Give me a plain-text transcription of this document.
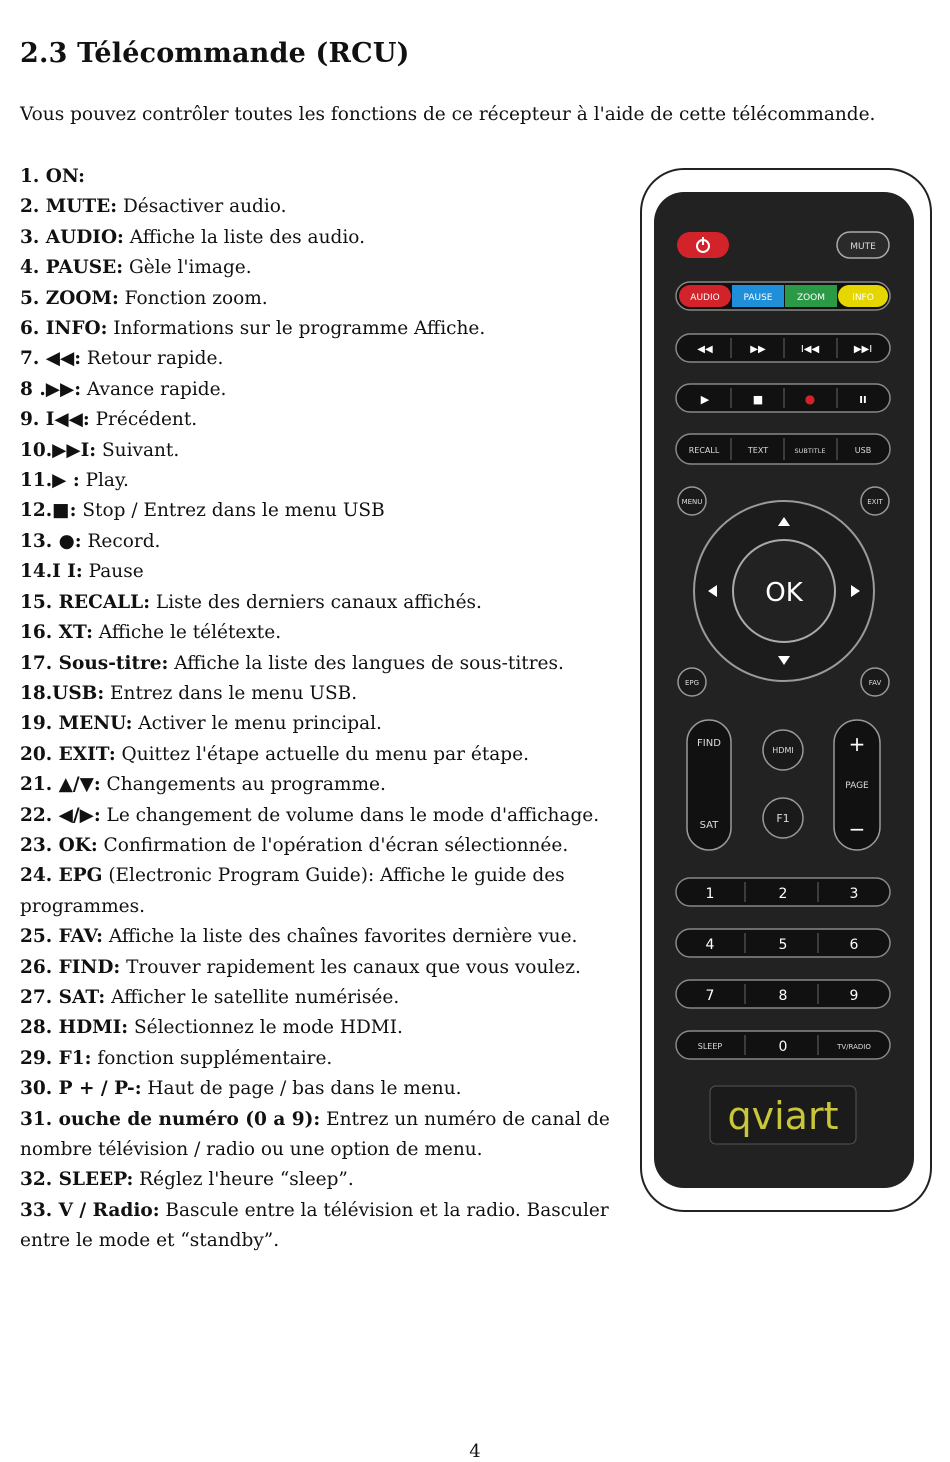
2.3 Télécommande (RCU)

Vous pouvez contrôler toutes les fonctions de ce récepteur à l'aide de cette télécommande.

1. ON:
2. MUTE: Désactiver audio.
3. AUDIO: Affiche la liste des audio.
4. PAUSE: Gèle l'image.
5. ZOOM: Fonction zoom.
6. INFO: Informations sur le programme Affiche.
7. ◀◀: Retour rapide.
8 .▶▶: Avance rapide.
9. I◀◀: Précédent.
10.▶▶I: Suivant.
11.▶ : Play.
12.■: Stop / Entrez dans le menu USB
13. ●: Record.
14.I I: Pause
15. RECALL: Liste des derniers canaux affichés.
16. XT: Affiche le télétexte.
17. Sous-titre: Affiche la liste des langues de sous-titres.
18.USB: Entrez dans le menu USB.
19. MENU: Activer le menu principal.
20. EXIT: Quittez l'étape actuelle du menu par étape.
21. ▲/▼: Changements au programme.
22. ◀/▶: Le changement de volume dans le mode d'affichage.
23. OK: Confirmation de l'opération d'écran sélectionnée.
24. EPG (Electronic Program Guide): Affiche le guide des programmes.
25. FAV: Affiche la liste des chaînes favorites dernière vue.
26. FIND: Trouver rapidement les canaux que vous voulez.
27. SAT: Afficher le satellite numérisée.
28. HDMI: Sélectionnez le mode HDMI.
29. F1: fonction supplémentaire.
30. P + / P-: Haut de page / bas dans le menu.
31. ouche de numéro (0 a 9): Entrez un numéro de canal de nombre télévision / radio ou une option de menu.
32. SLEEP: Réglez l'heure “sleep”.
33. V / Radio: Bascule entre la télévision et la radio. Basculer entre le mode et “standby”.
MUTE
AUDIO	PAUSE	ZOOM	INFO
◀◀	▶▶	I◀◀	▶▶I
▶	■	●	II
RECALL	TEXT	SUBTITLE	USB
MENU	EXIT
OK
EPG	FAV
FIND
SAT
HDMI
F1
+
PAGE
−
1	2	3
4	5	6
7	8	9
SLEEP	0	TV/RADIO
qviart
4
